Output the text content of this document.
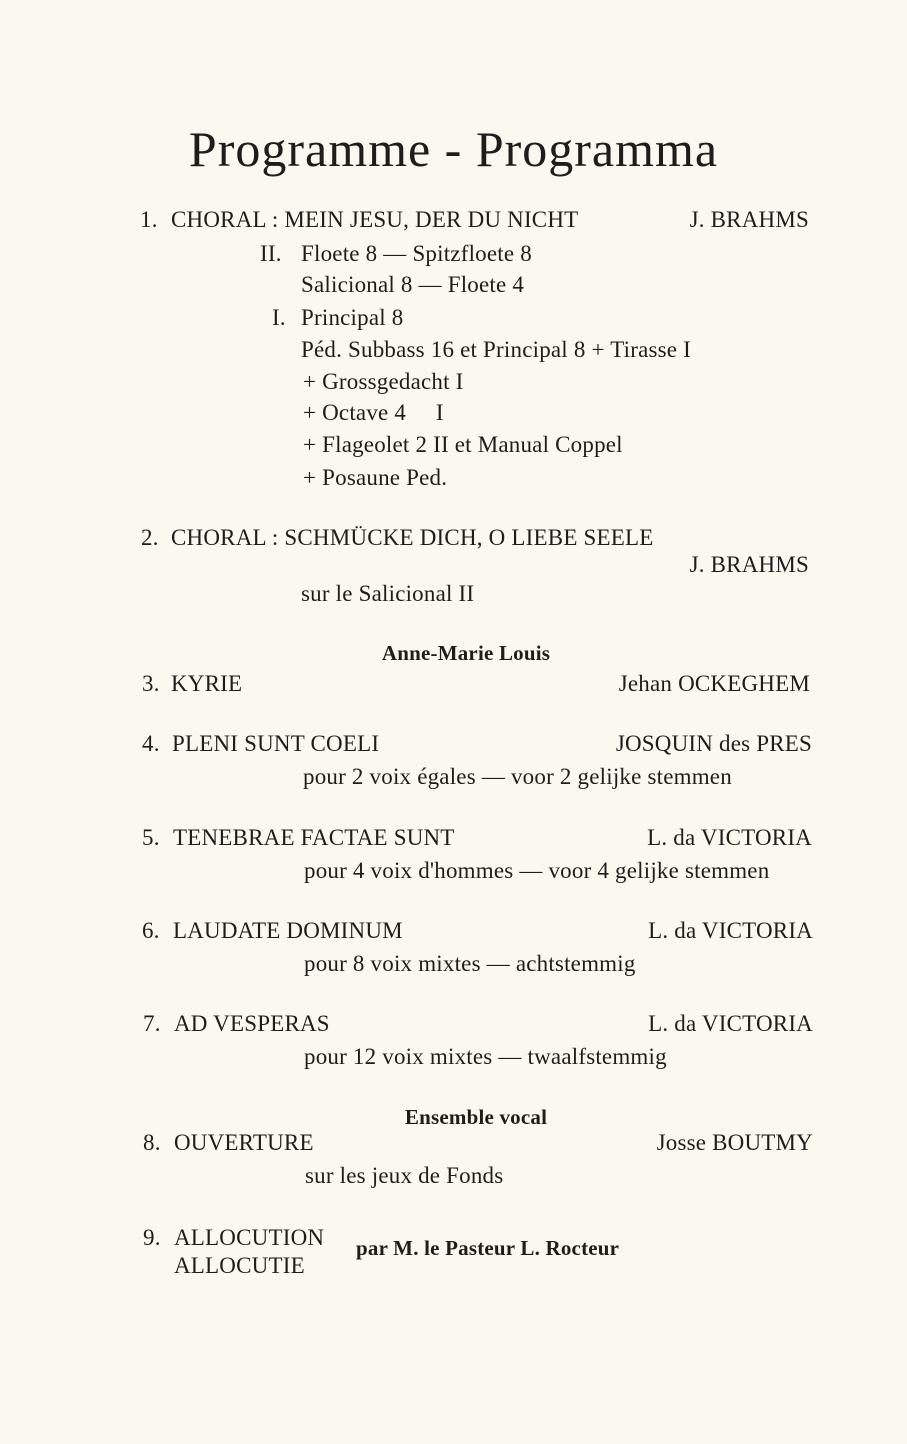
Programme - Programma
1. CHORAL : MEIN JESU, DER DU NICHT	J. BRAHMS
II. Floete 8 — Spitzfloete 8
Salicional 8 — Floete 4
I. Principal 8
Péd. Subbass 16 et Principal 8 + Tirasse I
+ Grossgedacht I
+ Octave 4     I
+ Flageolet 2 II et Manual Coppel
+ Posaune Ped.
2. CHORAL : SCHMÜCKE DICH, O LIEBE SEELE
J. BRAHMS
sur le Salicional II
Anne-Marie Louis
3. KYRIE	Jehan OCKEGHEM
4. PLENI SUNT COELI	JOSQUIN des PRES
pour 2 voix égales — voor 2 gelijke stemmen
5. TENEBRAE FACTAE SUNT	L. da VICTORIA
pour 4 voix d'hommes — voor 4 gelijke stemmen
6. LAUDATE DOMINUM	L. da VICTORIA
pour 8 voix mixtes — achtstemmig
7. AD VESPERAS	L. da VICTORIA
pour 12 voix mixtes — twaalfstemmig
Ensemble vocal
8. OUVERTURE	Josse BOUTMY
sur les jeux de Fonds
9. ALLOCUTION
ALLOCUTIE
par M. le Pasteur L. Rocteur
